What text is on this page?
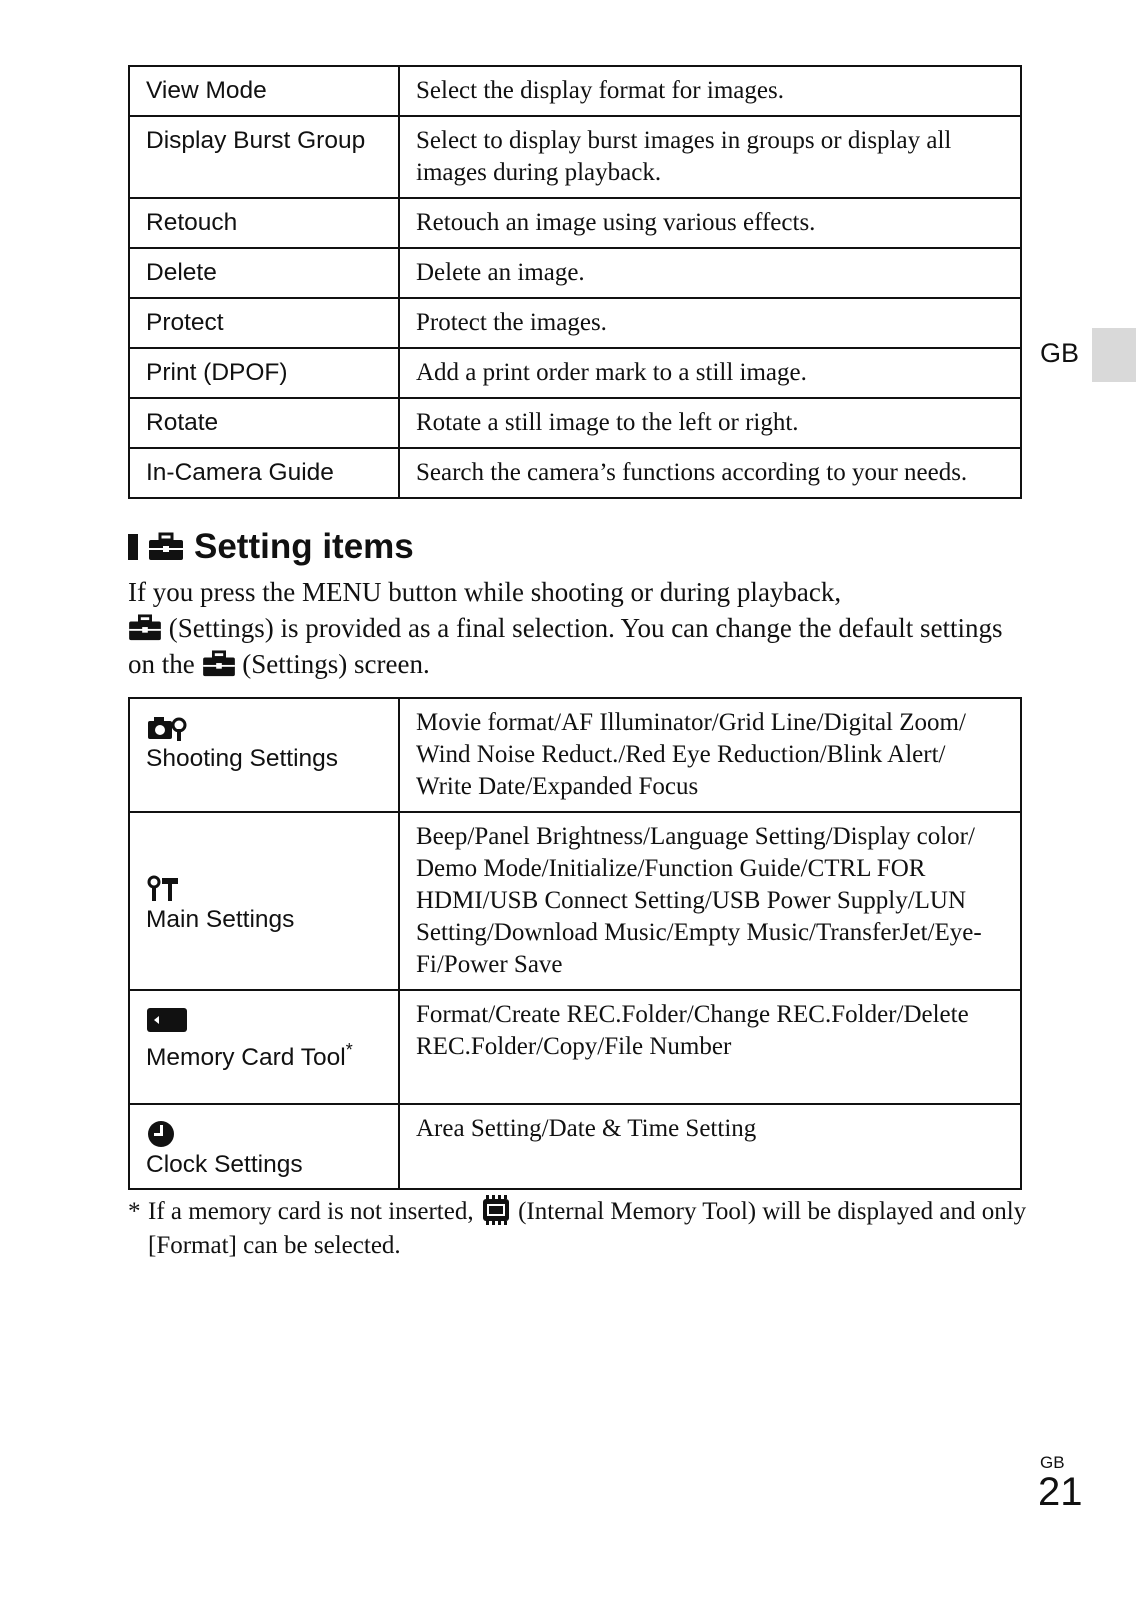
GB
View Mode	Select the display format for images.
Display Burst Group	Select to display burst images in groups or display all images during playback.
Retouch	Retouch an image using various effects.
Delete	Delete an image.
Protect	Protect the images.
Print (DPOF)	Add a print order mark to a still image.
Rotate	Rotate a still image to the left or right.
In-Camera Guide	Search the camera’s functions according to your needs.
Setting items
If you press the MENU button while shooting or during playback,
(Settings) is provided as a final selection. You can change the default settings on the (Settings) screen.
Shooting Settings	Movie format/AF Illuminator/Grid Line/Digital Zoom/ Wind Noise Reduct./Red Eye Reduction/Blink Alert/ Write Date/Expanded Focus

Main Settings	Beep/Panel Brightness/Language Setting/Display color/ Demo Mode/Initialize/Function Guide/CTRL FOR HDMI/USB Connect Setting/USB Power Supply/LUN Setting/Download Music/Empty Music/TransferJet/Eye-Fi/Power Save

Memory Card Tool*	Format/Create REC.Folder/Change REC.Folder/Delete REC.Folder/Copy/File Number

Clock Settings	Area Setting/Date & Time Setting
* If a memory card is not inserted, (Internal Memory Tool) will be displayed and only [Format] can be selected.
GB
21
